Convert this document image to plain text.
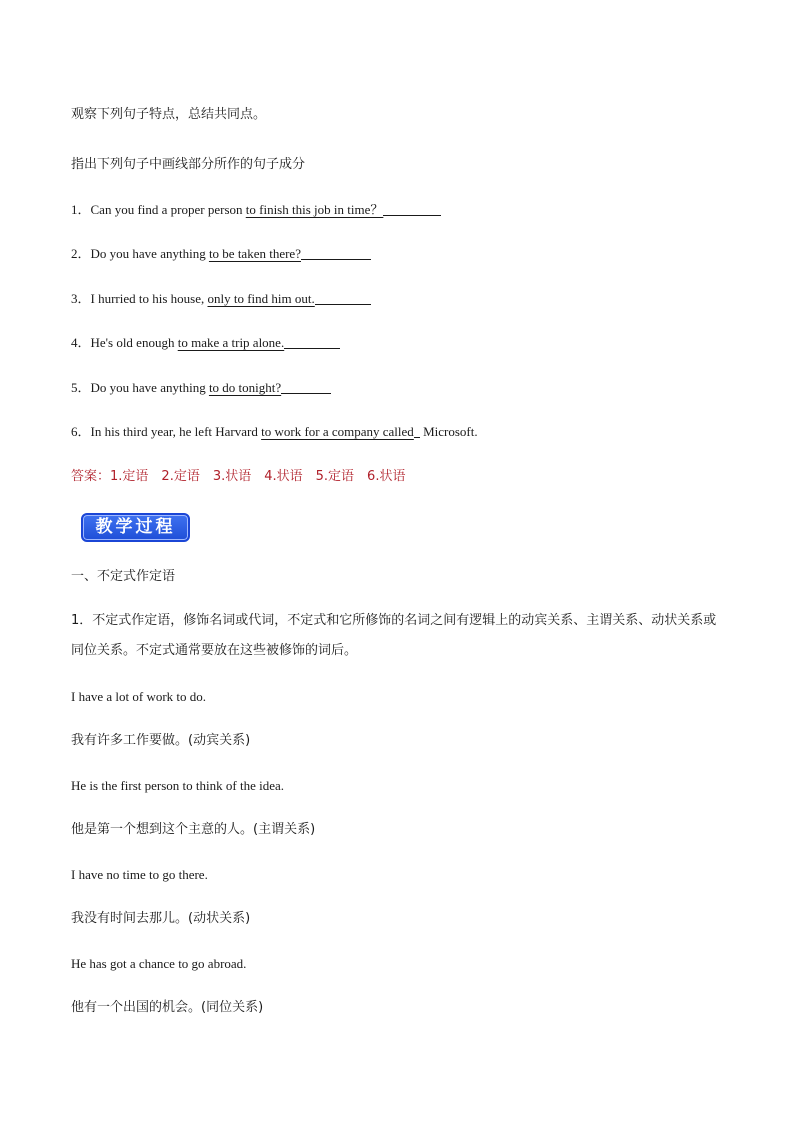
观察下列句子特点，总结共同点。
指出下列句子中画线部分所作的句子成分
1．Can you find a proper person to finish this job in time？
2．Do you have anything to be taken there?
3．I hurried to his house, only to find him out.
4．He's old enough to make a trip alone.
5．Do you have anything to do tonight?
6．In his third year, he left Harvard to work for a company called Microsoft.
答案：1.定语 2.定语 3.状语 4.状语 5.定语 6.状语
教学过程
一、不定式作定语
1．不定式作定语，修饰名词或代词，不定式和它所修饰的名词之间有逻辑上的动宾关系、主谓关系、动状关系或同位关系。不定式通常要放在这些被修饰的词后。
I have a lot of work to do.
我有许多工作要做。(动宾关系)
He is the first person to think of the idea.
他是第一个想到这个主意的人。(主谓关系)
I have no time to go there.
我没有时间去那儿。(动状关系)
He has got a chance to go abroad.
他有一个出国的机会。(同位关系)
